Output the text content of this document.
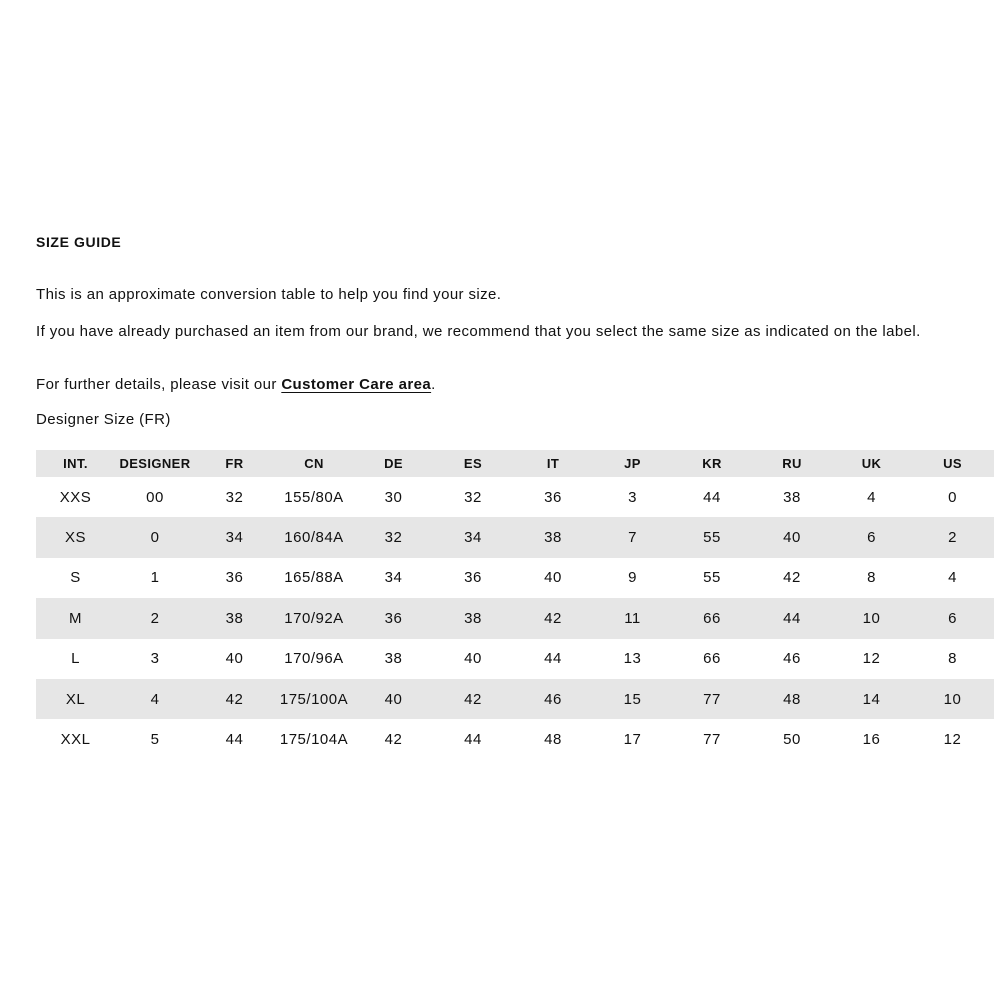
SIZE GUIDE
This is an approximate conversion table to help you find your size.
If you have already purchased an item from our brand, we recommend that you select the same size as indicated on the label.
For further details, please visit our Customer Care area.
Designer Size (FR)
INT.	DESIGNER	FR	CN	DE	ES	IT	JP	KR	RU	UK	US
XXS	00	32	155/80A	30	32	36	3	44	38	4	0
XS	0	34	160/84A	32	34	38	7	55	40	6	2
S	1	36	165/88A	34	36	40	9	55	42	8	4
M	2	38	170/92A	36	38	42	11	66	44	10	6
L	3	40	170/96A	38	40	44	13	66	46	12	8
XL	4	42	175/100A	40	42	46	15	77	48	14	10
XXL	5	44	175/104A	42	44	48	17	77	50	16	12
